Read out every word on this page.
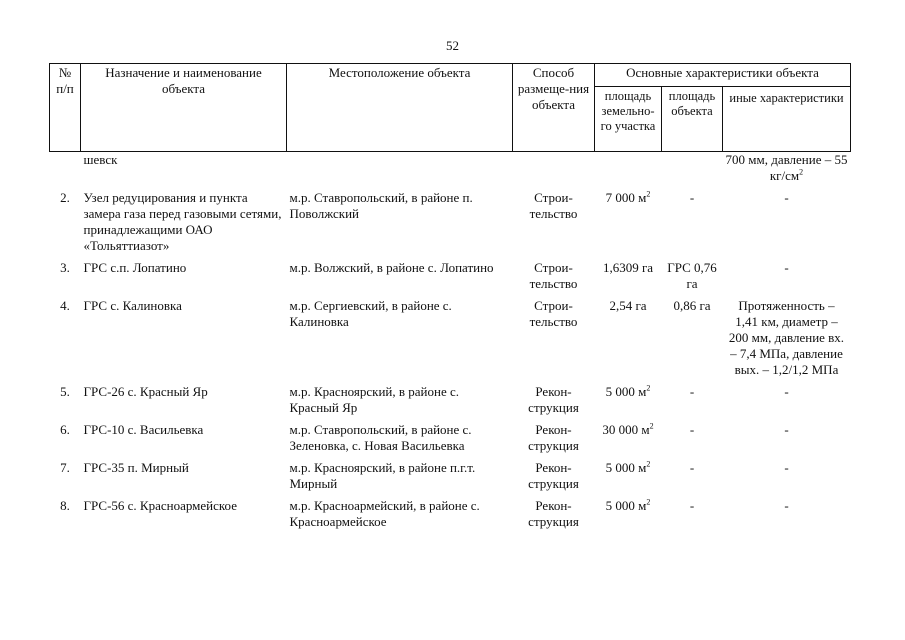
52
№ п/п	Назначение и наименование объекта	Местоположение объекта	Способ размеще-ния объекта	Основные характеристики объекта		
				площадь земельно-го участка	площадь объекта	иные характеристики
	шевск					700 мм, давление – 55 $кг/см^2$

2.	Узел редуцирования и пункта замера газа перед газовыми сетями, принадлежащими ОАО «Тольяттиазот»	м.р. Ставропольский, в районе п. Поволжский	Строи-тельство	7 000 $м^2$	-	-

3.	ГРС с.п. Лопатино	м.р. Волжский, в районе с. Лопатино	Строи-тельство	1,6309 га	ГРС 0,76 га	-

4.	ГРС с. Калиновка	м.р. Сергиевский, в районе с. Калиновка	Строи-тельство	2,54 га	0,86 га	Протяженность – 1,41 км, диаметр – 200 мм, давление вх. – 7,4 МПа, давление вых. – 1,2/1,2 МПа

5.	ГРС-26 с. Красный Яр	м.р. Красноярский, в районе с. Красный Яр	Рекон-струкция	5 000 $м^2$	-	-

6.	ГРС-10 с. Васильевка	м.р. Ставропольский, в районе с. Зеленовка, с. Новая Васильевка	Рекон-струкция	30 000 $м^2$	-	-

7.	ГРС-35 п. Мирный	м.р. Красноярский, в районе п.г.т. Мирный	Рекон-струкция	5 000 $м^2$	-	-

8.	ГРС-56 с. Красноармейское	м.р. Красноармейский, в районе с. Красноармейское	Рекон-струкция	5 000 $м^2$	-	-
